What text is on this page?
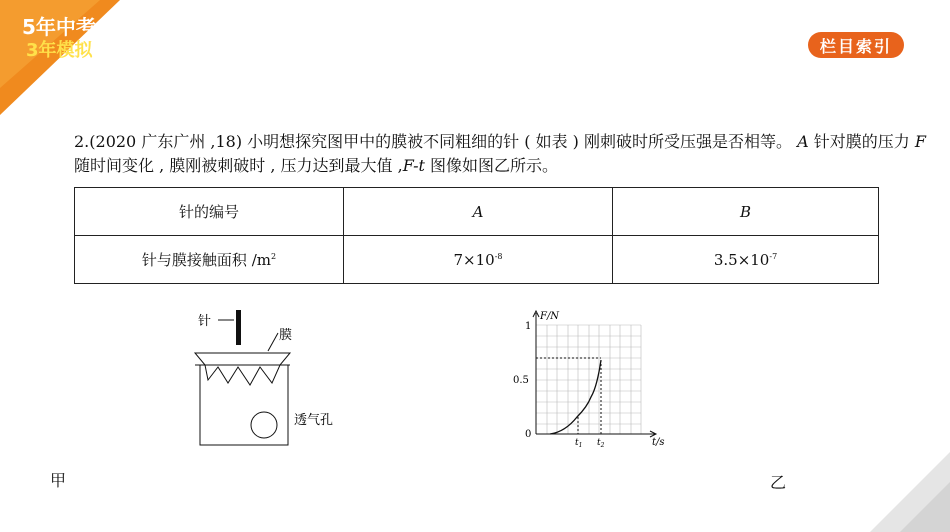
5年中考
3年模拟	栏目索引
2.(2020 广东广州 ,18) 小明想探究图甲中的膜被不同粗细的针 ( 如表 ) 刚刺破时所受压强是否相等。 A 针对膜的压力 F 随时间变化 , 膜刚被刺破时 , 压力达到最大值 ,F-t 图像如图乙所示。
针的编号	A	B
针与膜接触面积 $/m^2$	$7\times 10^{-8}$	$3.5\times 10^{-7}$
针
膜
透气孔
甲
F/N
t/s
1
0.5
0
$t_1$ $t_2$
乙
